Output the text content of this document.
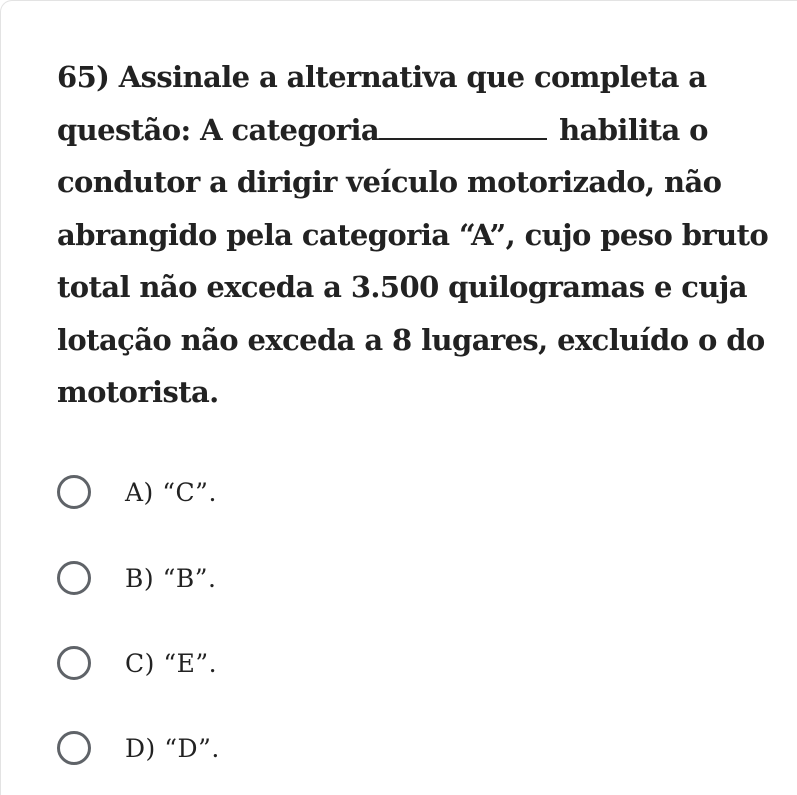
65) Assinale a alternativa que completa a questão: A categoria	habilita o condutor a dirigir veículo motorizado, não abrangido pela categoria “A”, cujo peso bruto total não exceda a 3.500 quilogramas e cuja lotação não exceda a 8 lugares, excluído o do motorista.

A) “C”.
B) “B”.
C) “E”.
D) “D”.
